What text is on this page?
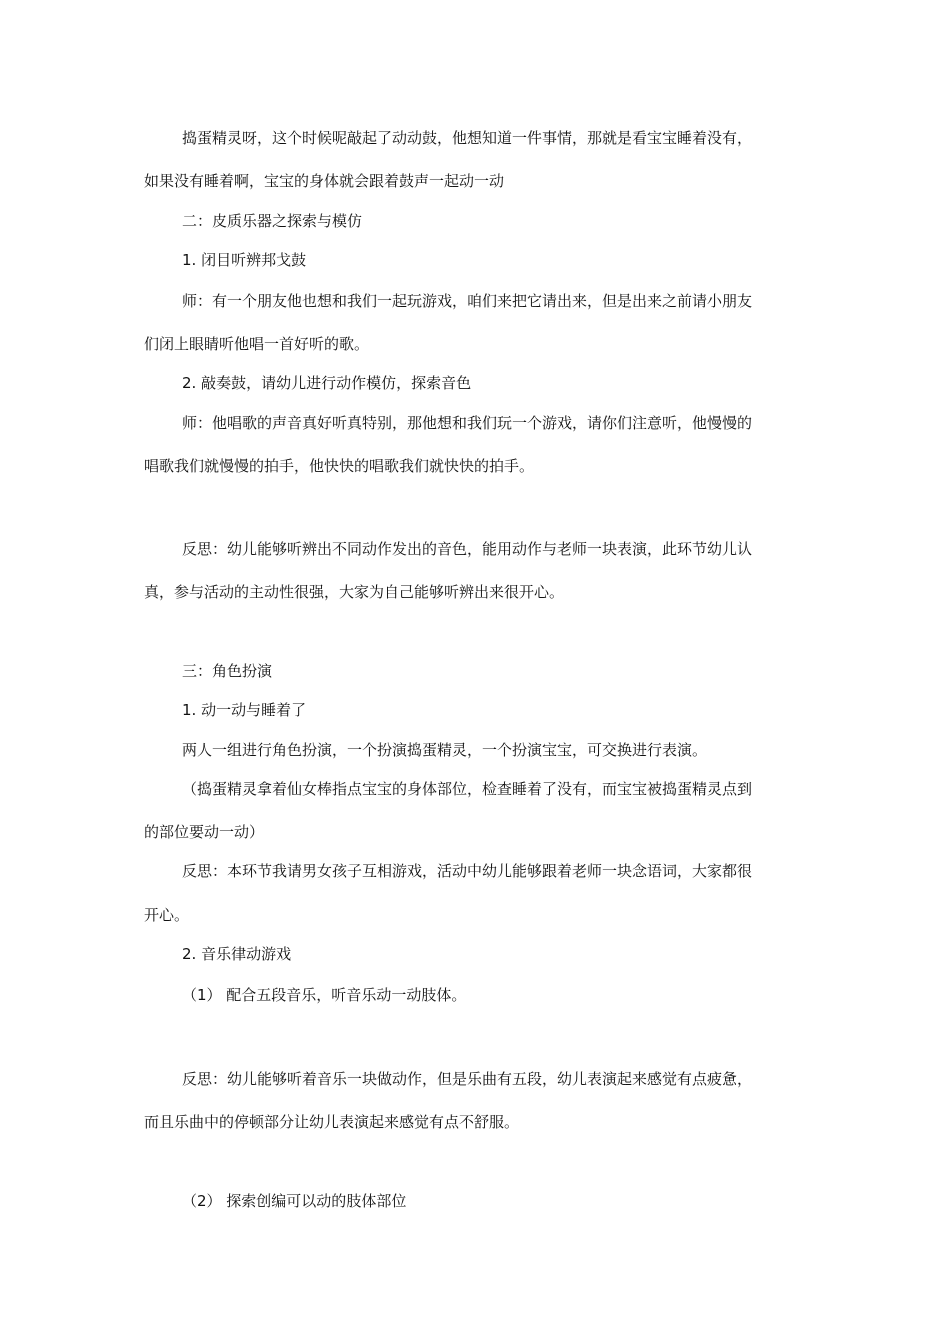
捣蛋精灵呀，这个时候呢敲起了动动鼓，他想知道一件事情，那就是看宝宝睡着没有，
如果没有睡着啊，宝宝的身体就会跟着鼓声一起动一动
二：皮质乐器之探索与模仿
1. 闭目听辨邦戈鼓
师：有一个朋友他也想和我们一起玩游戏，咱们来把它请出来，但是出来之前请小朋友
们闭上眼睛听他唱一首好听的歌。
2. 敲奏鼓，请幼儿进行动作模仿，探索音色
师：他唱歌的声音真好听真特别，那他想和我们玩一个游戏，请你们注意听，他慢慢的
唱歌我们就慢慢的拍手，他快快的唱歌我们就快快的拍手。
反思：幼儿能够听辨出不同动作发出的音色，能用动作与老师一块表演，此环节幼儿认
真，参与活动的主动性很强，大家为自己能够听辨出来很开心。
三：角色扮演
1. 动一动与睡着了
两人一组进行角色扮演，一个扮演捣蛋精灵，一个扮演宝宝，可交换进行表演。
（捣蛋精灵拿着仙女棒指点宝宝的身体部位，检查睡着了没有，而宝宝被捣蛋精灵点到
的部位要动一动）
反思：本环节我请男女孩子互相游戏，活动中幼儿能够跟着老师一块念语词，大家都很
开心。
2. 音乐律动游戏
（1） 配合五段音乐，听音乐动一动肢体。
反思：幼儿能够听着音乐一块做动作，但是乐曲有五段，幼儿表演起来感觉有点疲惫，
而且乐曲中的停顿部分让幼儿表演起来感觉有点不舒服。
（2） 探索创编可以动的肢体部位
